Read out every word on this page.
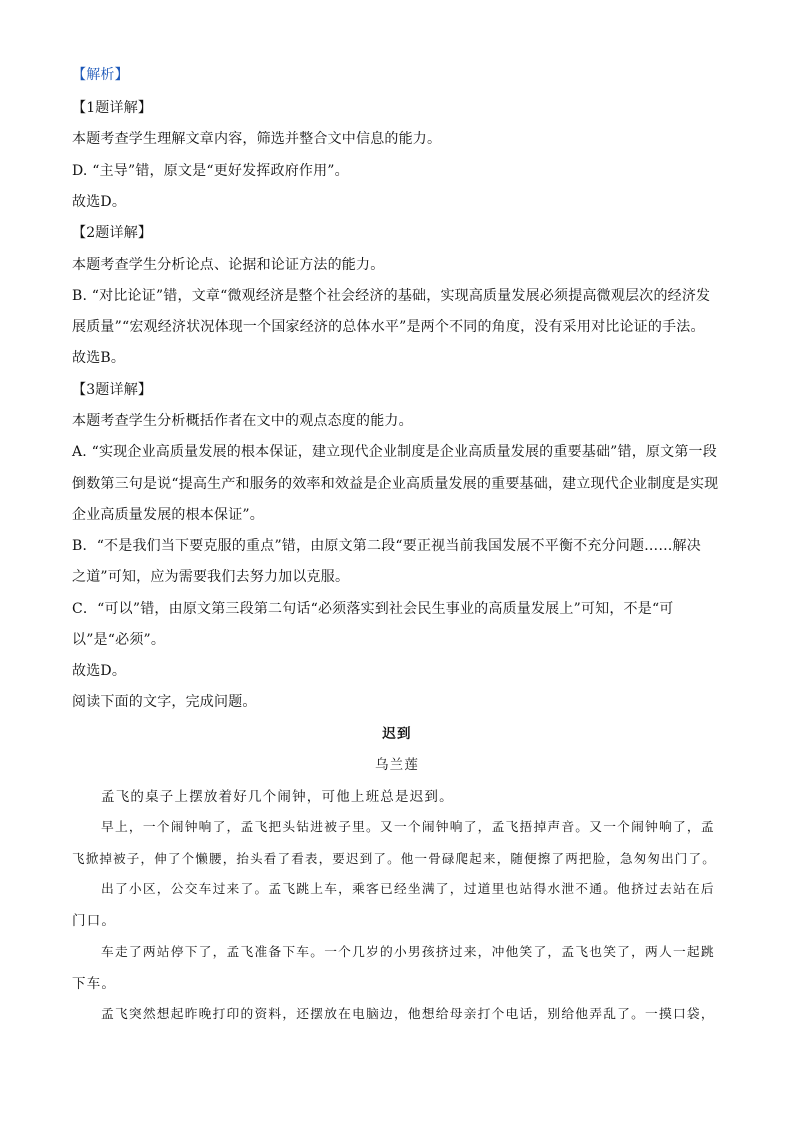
【解析】
【1题详解】
本题考查学生理解文章内容，筛选并整合文中信息的能力。
D. “主导”错，原文是“更好发挥政府作用”。
故选D。
【2题详解】
本题考查学生分析论点、论据和论证方法的能力。
B. “对比论证”错，文章“微观经济是整个社会经济的基础，实现高质量发展必须提高微观层次的经济发
展质量”“宏观经济状况体现一个国家经济的总体水平”是两个不同的角度，没有采用对比论证的手法。
故选B。
【3题详解】
本题考查学生分析概括作者在文中的观点态度的能力。
A. “实现企业高质量发展的根本保证，建立现代企业制度是企业高质量发展的重要基础”错，原文第一段
倒数第三句是说“提高生产和服务的效率和效益是企业高质量发展的重要基础，建立现代企业制度是实现
企业高质量发展的根本保证”。
B．“不是我们当下要克服的重点”错，由原文第二段“要正视当前我国发展不平衡不充分问题……解决
之道”可知，应为需要我们去努力加以克服。
C．“可以”错，由原文第三段第二句话“必须落实到社会民生事业的高质量发展上”可知，不是“可
以”是“必须”。
故选D。
阅读下面的文字，完成问题。
迟到
乌兰莲
孟飞的桌子上摆放着好几个闹钟，可他上班总是迟到。
早上，一个闹钟响了，孟飞把头钻进被子里。又一个闹钟响了，孟飞捂掉声音。又一个闹钟响了，孟
飞掀掉被子，伸了个懒腰，抬头看了看表，要迟到了。他一骨碌爬起来，随便擦了两把脸，急匆匆出门了。
出了小区，公交车过来了。孟飞跳上车，乘客已经坐满了，过道里也站得水泄不通。他挤过去站在后
门口。
车走了两站停下了，孟飞准备下车。一个几岁的小男孩挤过来，冲他笑了，孟飞也笑了，两人一起跳
下车。
孟飞突然想起昨晚打印的资料，还摆放在电脑边，他想给母亲打个电话，别给他弄乱了。一摸口袋，
